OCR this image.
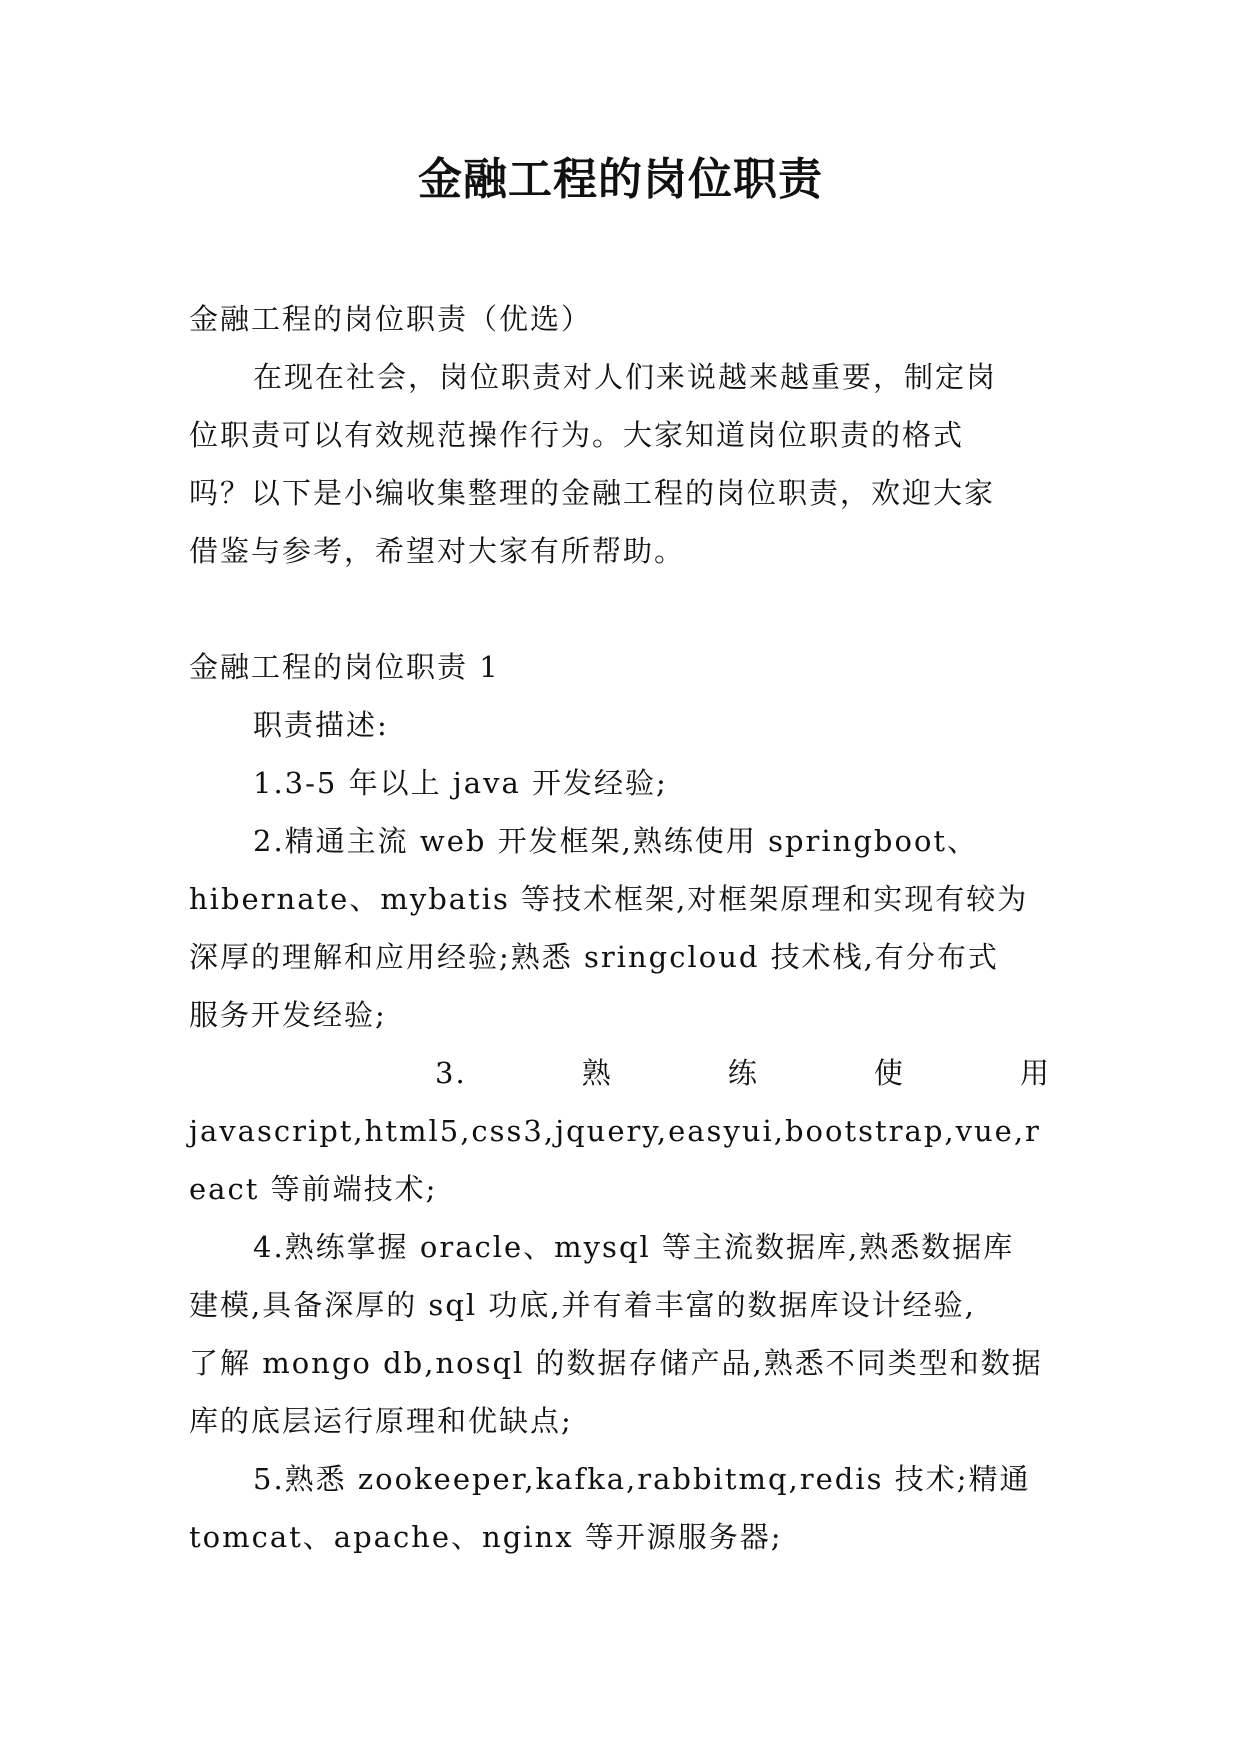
金融工程的岗位职责
金融工程的岗位职责（优选）
在现在社会，岗位职责对人们来说越来越重要，制定岗
位职责可以有效规范操作行为。大家知道岗位职责的格式
吗？以下是小编收集整理的金融工程的岗位职责，欢迎大家
借鉴与参考，希望对大家有所帮助。
金融工程的岗位职责 1
职责描述:
1.3-5 年以上 java 开发经验;
2.精通主流 web 开发框架,熟练使用 springboot、
hibernate、mybatis 等技术框架,对框架原理和实现有较为
深厚的理解和应用经验;熟悉 sringcloud 技术栈,有分布式
服务开发经验;
3.	熟	练	使	用
javascript,html5,css3,jquery,easyui,bootstrap,vue,r
eact 等前端技术;
4.熟练掌握 oracle、mysql 等主流数据库,熟悉数据库
建模,具备深厚的 sql 功底,并有着丰富的数据库设计经验,
了解 mongo db,nosql 的数据存储产品,熟悉不同类型和数据
库的底层运行原理和优缺点;
5.熟悉 zookeeper,kafka,rabbitmq,redis 技术;精通
tomcat、apache、nginx 等开源服务器;
